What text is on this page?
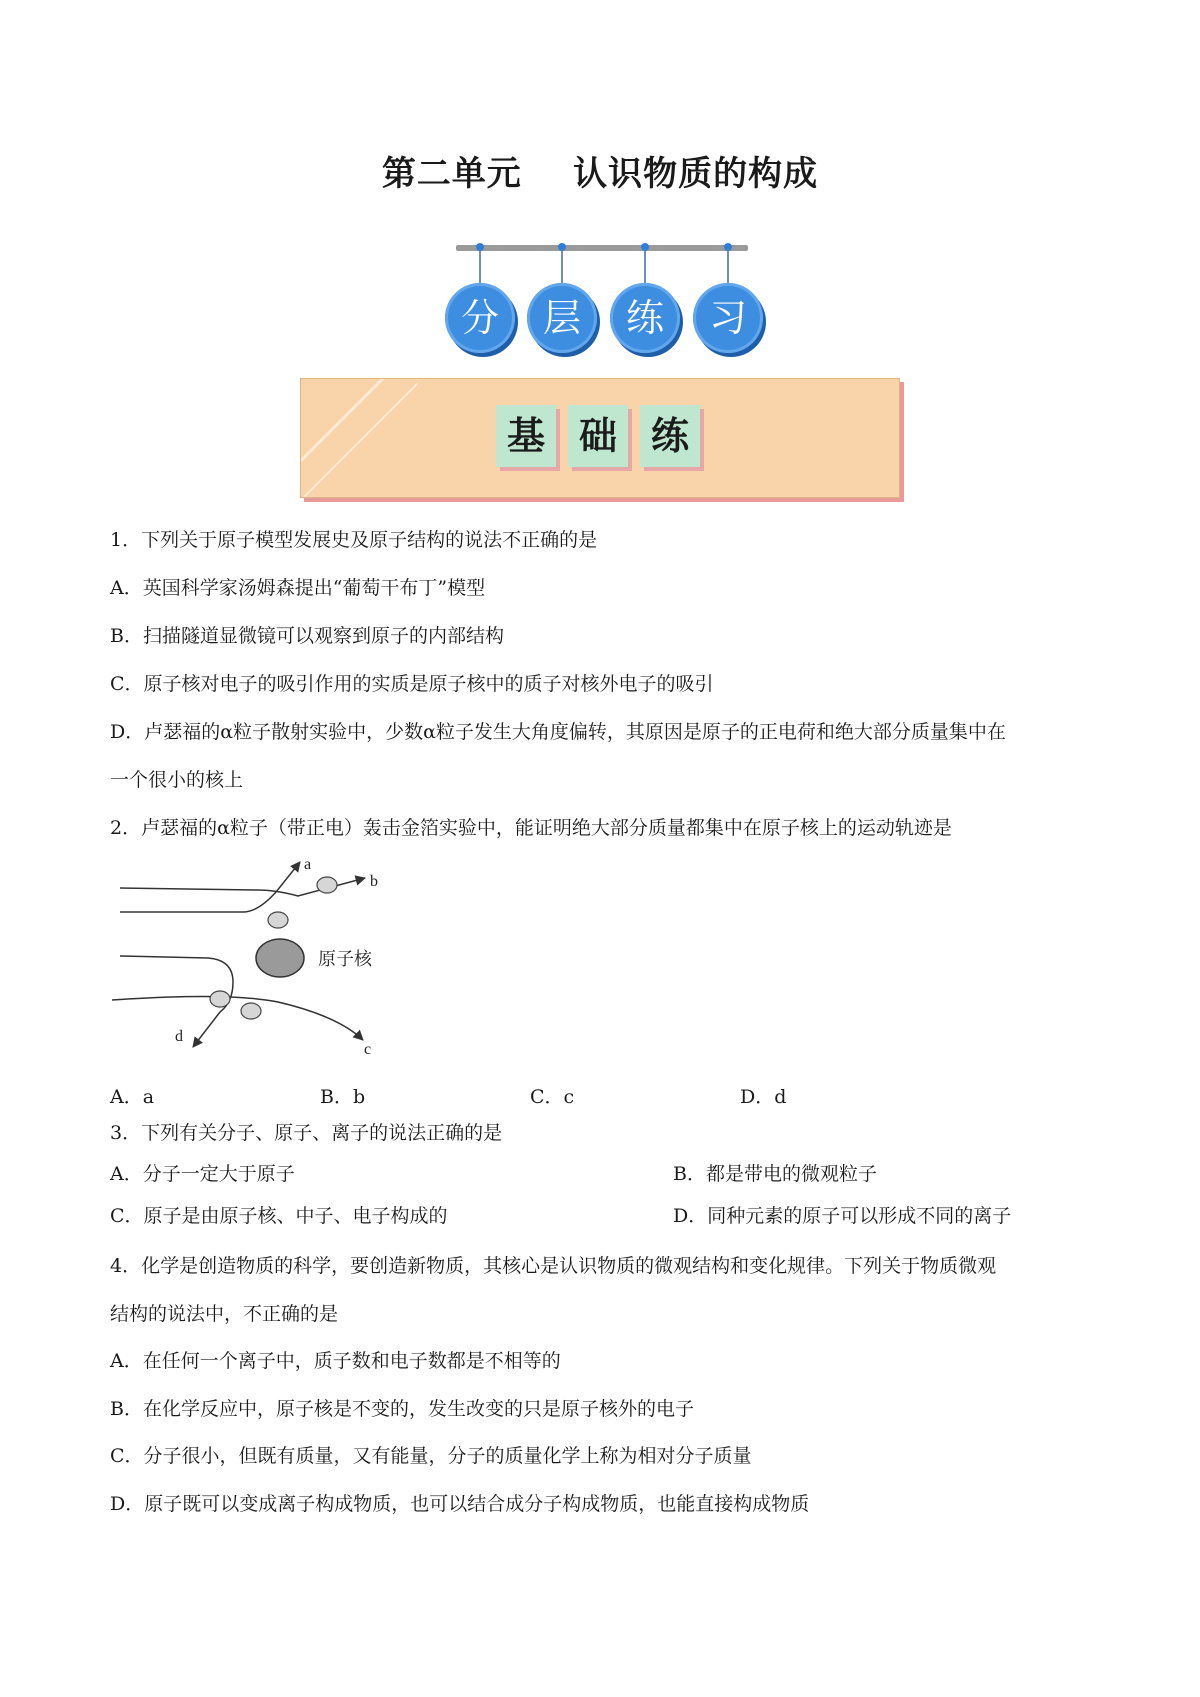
第二单元    认识物质的构成
分	层	练	习
基 础 练
1．下列关于原子模型发展史及原子结构的说法不正确的是
A．英国科学家汤姆森提出“葡萄干布丁”模型
B．扫描隧道显微镜可以观察到原子的内部结构
C．原子核对电子的吸引作用的实质是原子核中的质子对核外电子的吸引
D．卢瑟福的α粒子散射实验中，少数α粒子发生大角度偏转，其原因是原子的正电荷和绝大部分质量集中在
一个很小的核上
2．卢瑟福的α粒子（带正电）轰击金箔实验中，能证明绝大部分质量都集中在原子核上的运动轨迹是
原子核
a
b
c
d
A．a	B．b	C．c	D．d
3．下列有关分子、原子、离子的说法正确的是
A．分子一定大于原子	B．都是带电的微观粒子
C．原子是由原子核、中子、电子构成的	D．同种元素的原子可以形成不同的离子
4．化学是创造物质的科学，要创造新物质，其核心是认识物质的微观结构和变化规律。下列关于物质微观
结构的说法中，不正确的是
A．在任何一个离子中，质子数和电子数都是不相等的
B．在化学反应中，原子核是不变的，发生改变的只是原子核外的电子
C．分子很小，但既有质量，又有能量，分子的质量化学上称为相对分子质量
D．原子既可以变成离子构成物质，也可以结合成分子构成物质，也能直接构成物质
